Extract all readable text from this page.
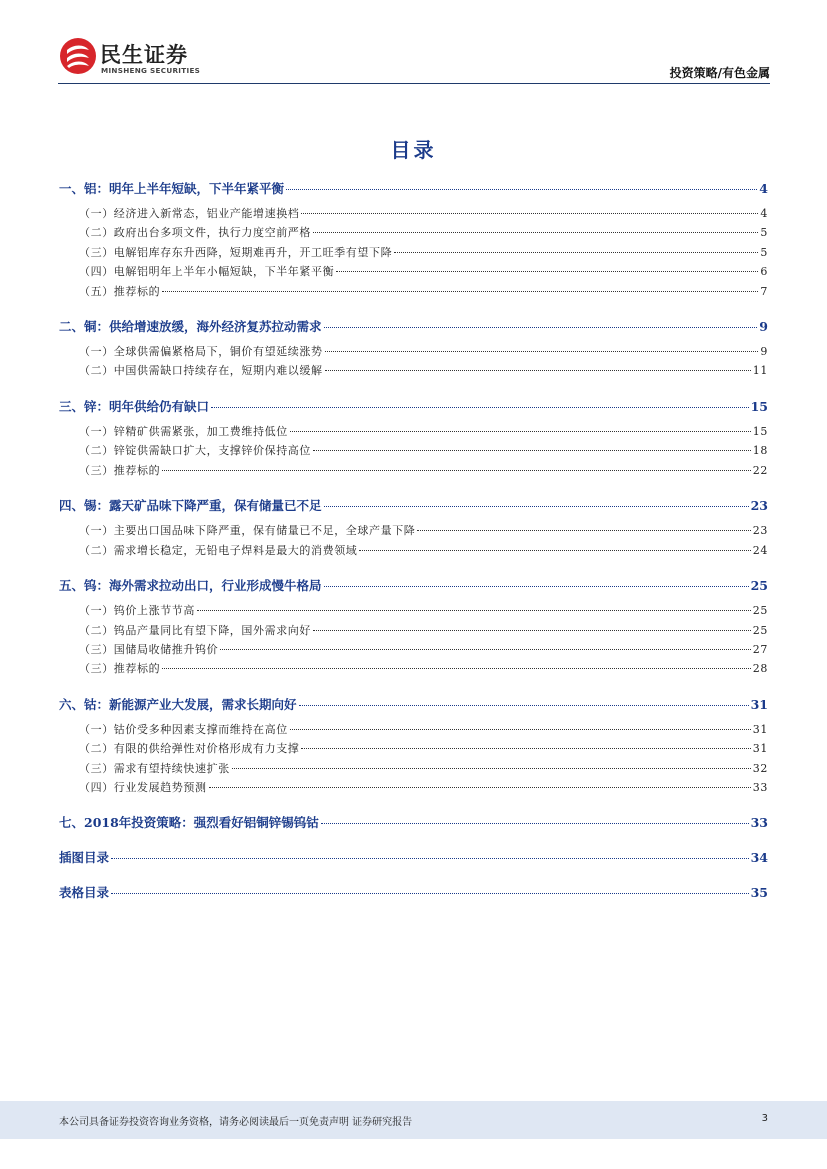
民生证券
MINSHENG SECURITIES	投资策略/有色金属
目录
一、铝：明年上半年短缺，下半年紧平衡	4
（一）经济进入新常态，铝业产能增速换档	4
（二）政府出台多项文件，执行力度空前严格	5
（三）电解铝库存东升西降，短期难再升，开工旺季有望下降	5
（四）电解铝明年上半年小幅短缺，下半年紧平衡	6
（五）推荐标的	7
二、铜：供给增速放缓，海外经济复苏拉动需求	9
（一）全球供需偏紧格局下，铜价有望延续涨势	9
（二）中国供需缺口持续存在，短期内难以缓解	11
三、锌：明年供给仍有缺口	15
（一）锌精矿供需紧张，加工费维持低位	15
（二）锌锭供需缺口扩大，支撑锌价保持高位	18
（三）推荐标的	22
四、锡：露天矿品味下降严重，保有储量已不足	23
（一）主要出口国品味下降严重，保有储量已不足，全球产量下降	23
（二）需求增长稳定，无铅电子焊料是最大的消费领域	24
五、钨：海外需求拉动出口，行业形成慢牛格局	25
（一）钨价上涨节节高	25
（二）钨品产量同比有望下降，国外需求向好	25
（三）国储局收储推升钨价	27
（三）推荐标的	28
六、钴：新能源产业大发展，需求长期向好	31
（一）钴价受多种因素支撑而维持在高位	31
（二）有限的供给弹性对价格形成有力支撑	31
（三）需求有望持续快速扩张	32
（四）行业发展趋势预测	33
七、2018年投资策略：强烈看好铝铜锌锡钨钴	33
插图目录	34
表格目录	35
本公司具备证券投资咨询业务资格，请务必阅读最后一页免责声明 证券研究报告	3
